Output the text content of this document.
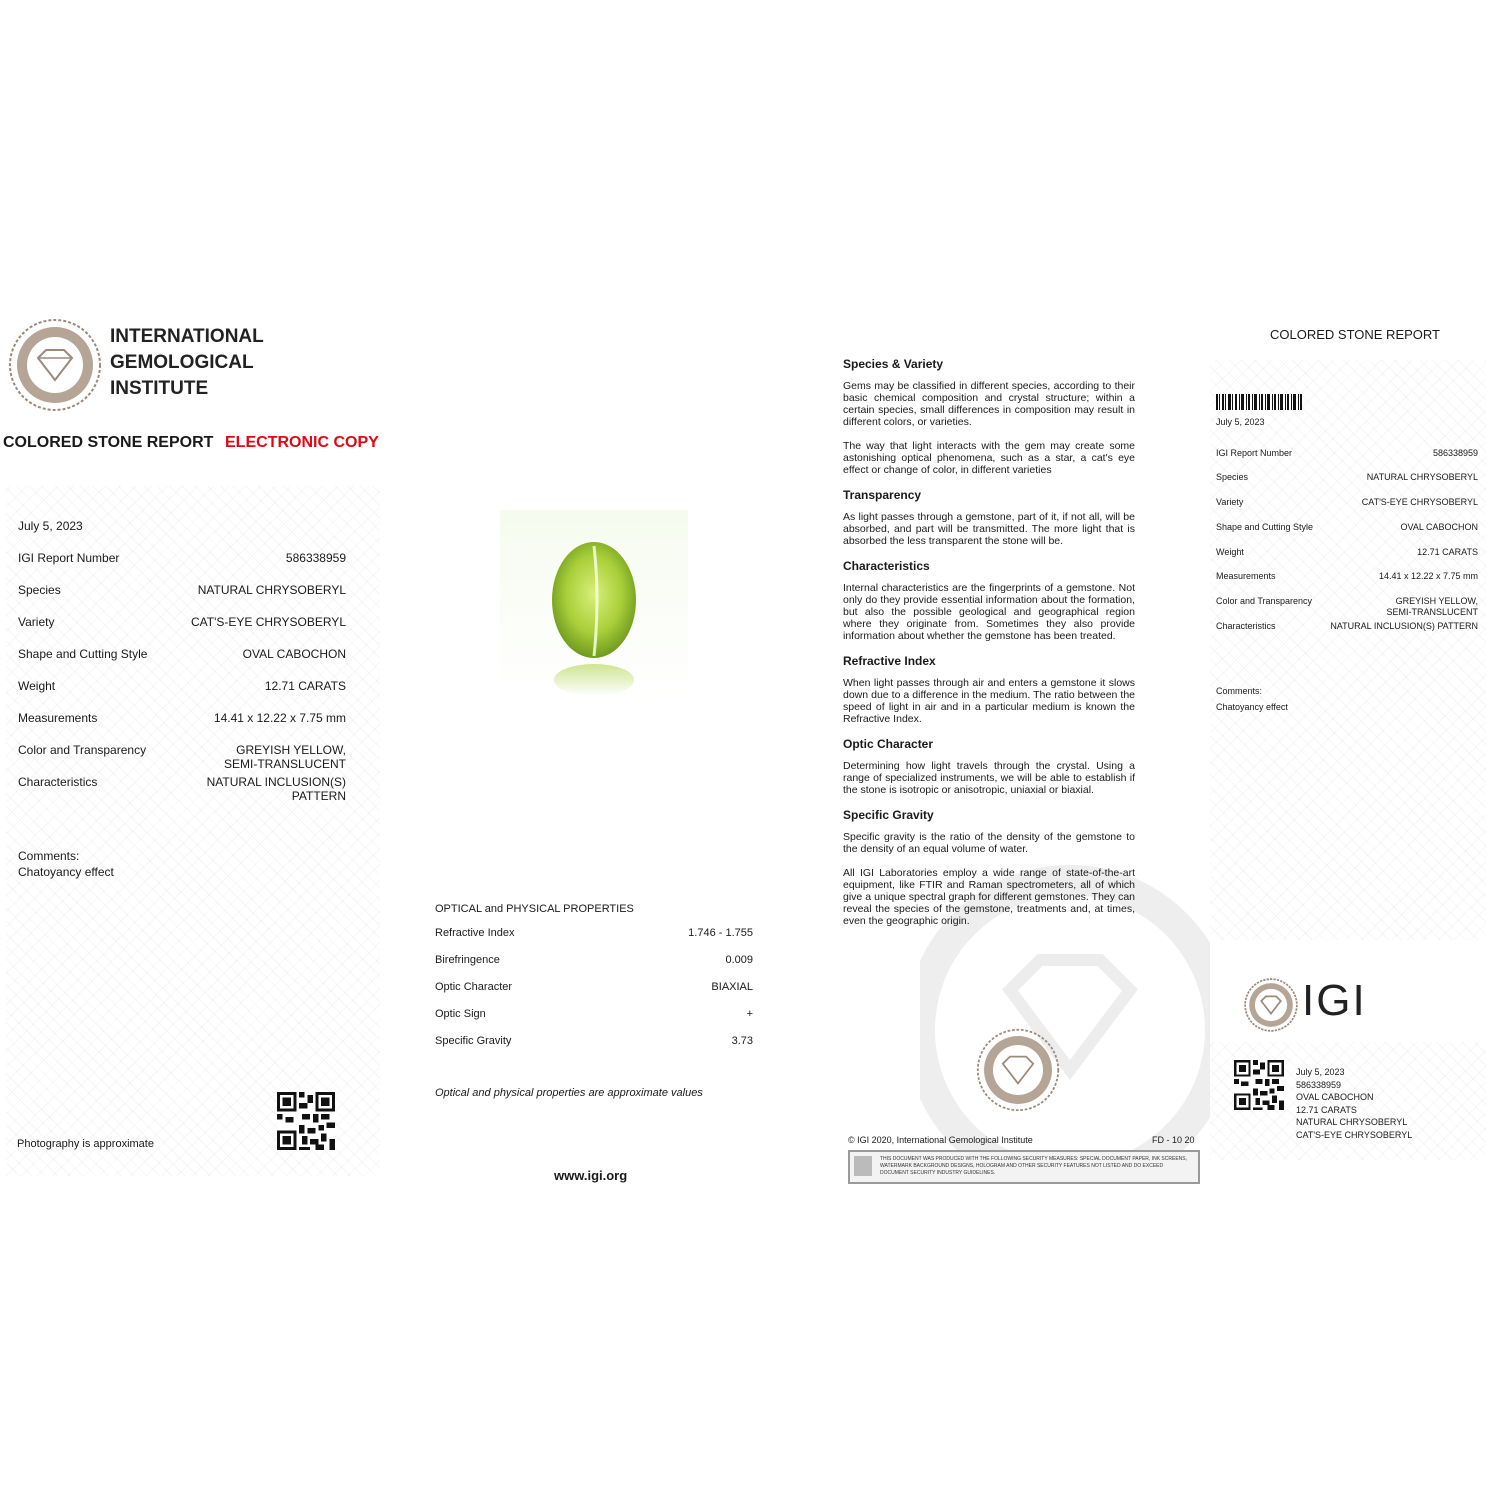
INTERNATIONAL
GEMOLOGICAL
INSTITUTE
COLORED STONE REPORT ELECTRONIC COPY
July 5, 2023
IGI Report Number	586338959
Species	NATURAL CHRYSOBERYL
Variety	CAT'S-EYE CHRYSOBERYL
Shape and Cutting Style	OVAL CABOCHON
Weight	12.71 CARATS
Measurements	14.41 x 12.22 x 7.75 mm
Color and Transparency	GREYISH YELLOW,
SEMI-TRANSLUCENT
Characteristics	NATURAL INCLUSION(S)
PATTERN
Comments:
Chatoyancy effect
Photography is approximate
OPTICAL and PHYSICAL PROPERTIES
Refractive Index	1.746 - 1.755
Birefringence	0.009
Optic Character	BIAXIAL
Optic Sign	+
Specific Gravity	3.73
Optical and physical properties are approximate values
www.igi.org
Species & Variety
Gems may be classified in different species, according to their basic chemical composition and crystal structure; within a certain species, small differences in composition may result in different colors, or varieties.
The way that light interacts with the gem may create some astonishing optical phenomena, such as a star, a cat's eye effect or change of color, in different varieties
Transparency
As light passes through a gemstone, part of it, if not all, will be absorbed, and part will be transmitted. The more light that is absorbed the less transparent the stone will be.
Characteristics
Internal characteristics are the fingerprints of a gemstone. Not only do they provide essential information about the formation, but also the possible geological and geographical region where they originate from. Sometimes they also provide information about whether the gemstone has been treated.
Refractive Index
When light passes through air and enters a gemstone it slows down due to a difference in the medium. The ratio between the speed of light in air and in a particular medium is known the Refractive Index.
Optic Character
Determining how light travels through the crystal. Using a range of specialized instruments, we will be able to establish if the stone is isotropic or anisotropic, uniaxial or biaxial.
Specific Gravity
Specific gravity is the ratio of the density of the gemstone to the density of an equal volume of water.
All IGI Laboratories employ a wide range of state-of-the-art equipment, like FTIR and Raman spectrometers, all of which give a unique spectral graph for different gemstones. They can reveal the species of the gemstone, treatments and, at times, even the geographic origin.
© IGI 2020, International Gemological Institute	FD - 10 20
THIS DOCUMENT WAS PRODUCED WITH THE FOLLOWING SECURITY MEASURES: SPECIAL DOCUMENT PAPER, INK SCREENS, WATERMARK BACKGROUND DESIGNS, HOLOGRAM AND OTHER SECURITY FEATURES NOT LISTED AND DO EXCEED DOCUMENT SECURITY INDUSTRY GUIDELINES.
COLORED STONE REPORT
July 5, 2023
IGI Report Number	586338959
Species	NATURAL CHRYSOBERYL
Variety	CAT'S-EYE CHRYSOBERYL
Shape and Cutting Style	OVAL CABOCHON
Weight	12.71 CARATS
Measurements	14.41 x 12.22 x 7.75 mm
Color and Transparency	GREYISH YELLOW,
SEMI-TRANSLUCENT
Characteristics	NATURAL INCLUSION(S) PATTERN
Comments:
Chatoyancy effect
IGI
July 5, 2023
586338959
OVAL CABOCHON
12.71 CARATS
NATURAL CHRYSOBERYL
CAT'S-EYE CHRYSOBERYL
